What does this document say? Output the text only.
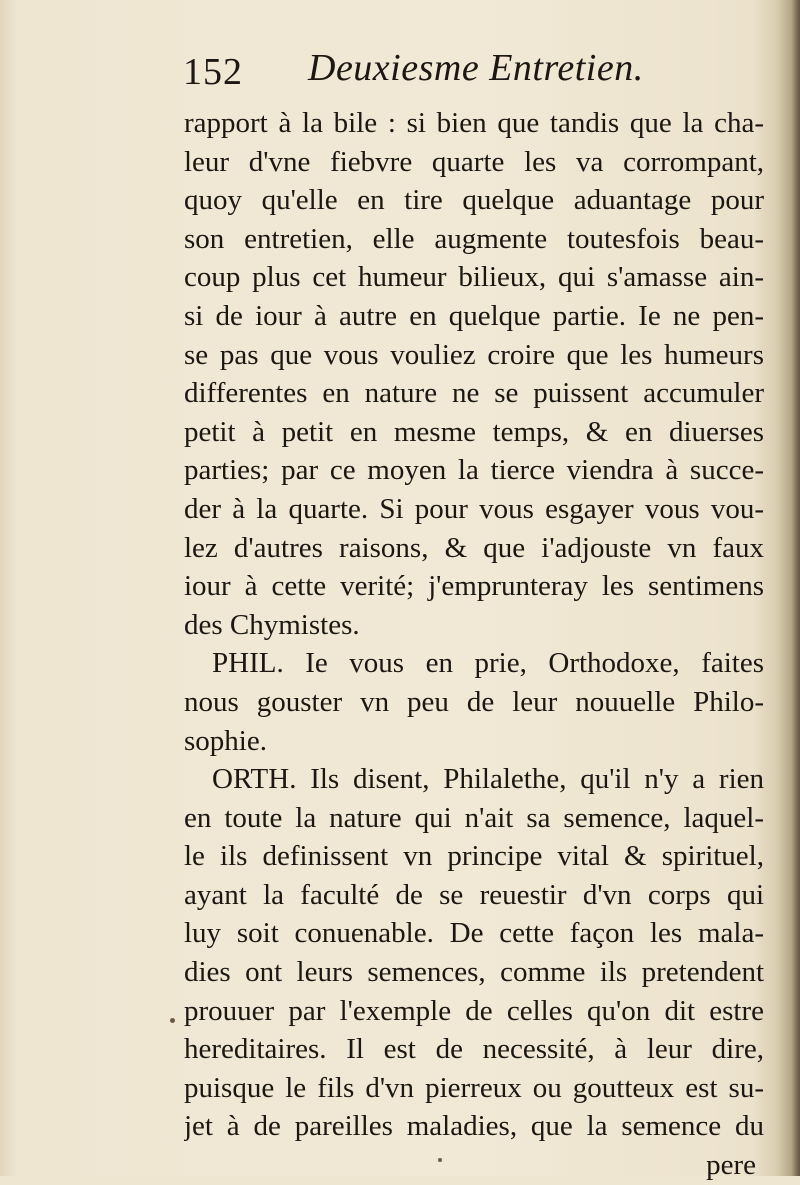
152 Deuxiesme Entretien.
rapport à la bile : si bien que tandis que la cha-
leur d'vne fiebvre quarte les va corrompant,
quoy qu'elle en tire quelque aduantage pour
son entretien, elle augmente toutesfois beau-
coup plus cet humeur bilieux, qui s'amasse ain-
si de iour à autre en quelque partie. Ie ne pen-
se pas que vous vouliez croire que les humeurs
differentes en nature ne se puissent accumuler
petit à petit en mesme temps, & en diuerses
parties; par ce moyen la tierce viendra à succe-
der à la quarte. Si pour vous esgayer vous vou-
lez d'autres raisons, & que i'adjouste vn faux
iour à cette verité; j'emprunteray les sentimens
des Chymistes.
PHIL. Ie vous en prie, Orthodoxe, faites
nous gouster vn peu de leur nouuelle Philo-
sophie.
ORTH. Ils disent, Philalethe, qu'il n'y a rien
en toute la nature qui n'ait sa semence, laquel-
le ils definissent vn principe vital & spirituel,
ayant la faculté de se reuestir d'vn corps qui
luy soit conuenable. De cette façon les mala-
dies ont leurs semences, comme ils pretendent
prouuer par l'exemple de celles qu'on dit estre
hereditaires. Il est de necessité, à leur dire,
puisque le fils d'vn pierreux ou goutteux est su-
jet à de pareilles maladies, que la semence du
pere
